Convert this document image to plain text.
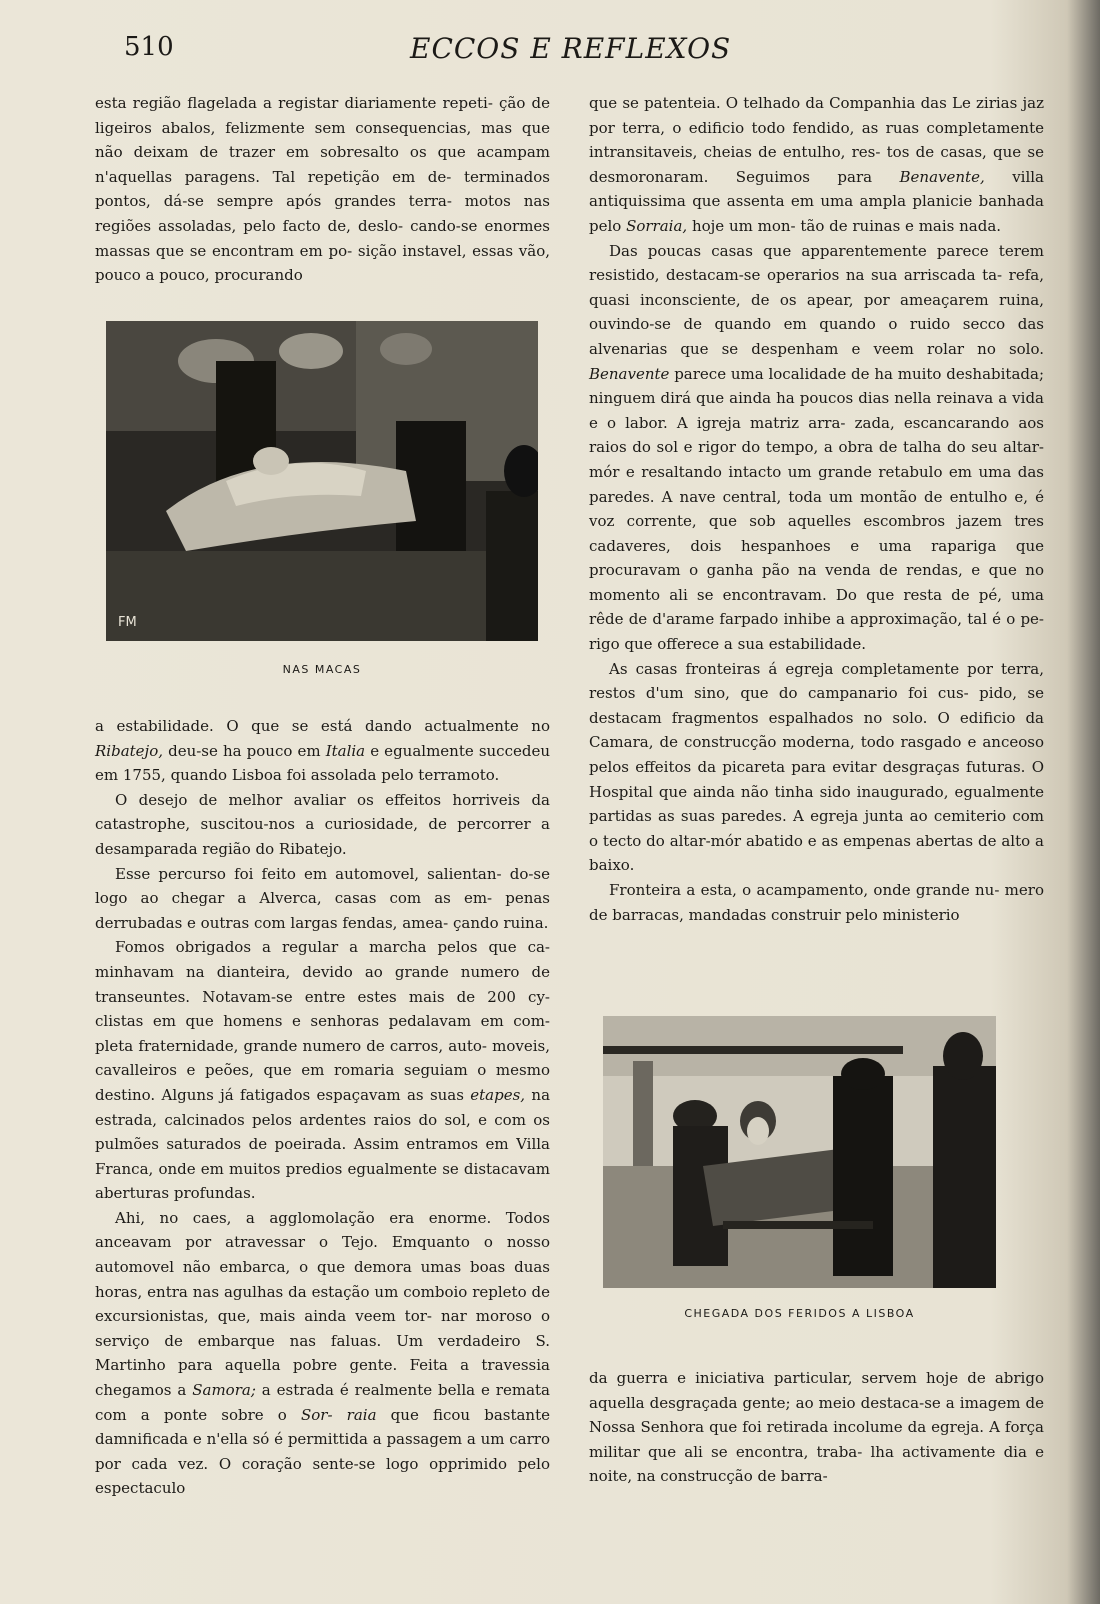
510	ECCOS E REFLEXOS

esta região flagelada a registar diariamente repeti- ção de ligeiros abalos, felizmente sem consequencias, mas que não deixam de trazer em sobresalto os que acampam n'aquellas paragens. Tal repetição em de- terminados pontos, dá-se sempre após grandes terra- motos nas regiões assoladas, pelo facto de, deslo- cando-se enormes massas que se encontram em po- sição instavel, essas vão, pouco a pouco, procurando

FM
NAS MACAS

a estabilidade. O que se está dando actualmente no Ribatejo, deu-se ha pouco em Italia e egualmente succedeu em 1755, quando Lisboa foi assolada pelo terramoto.

O desejo de melhor avaliar os effeitos horriveis da catastrophe, suscitou-nos a curiosidade, de percorrer a desamparada região do Ribatejo.

Esse percurso foi feito em automovel, salientan- do-se logo ao chegar a Alverca, casas com as em- penas derrubadas e outras com largas fendas, amea- çando ruina.

Fomos obrigados a regular a marcha pelos que ca- minhavam na dianteira, devido ao grande numero de transeuntes. Notavam-se entre estes mais de 200 cy- clistas em que homens e senhoras pedalavam em com- pleta fraternidade, grande numero de carros, auto- moveis, cavalleiros e peões, que em romaria seguiam o mesmo destino. Alguns já fatigados espaçavam as suas etapes, na estrada, calcinados pelos ardentes raios do sol, e com os pulmões saturados de poeirada. Assim entramos em Villa Franca, onde em muitos predios egualmente se distacavam aberturas profundas.

Ahi, no caes, a agglomolação era enorme. Todos anceavam por atravessar o Tejo. Emquanto o nosso automovel não embarca, o que demora umas boas duas horas, entra nas agulhas da estação um comboio repleto de excursionistas, que, mais ainda veem tor- nar moroso o serviço de embarque nas faluas. Um verdadeiro S. Martinho para aquella pobre gente. Feita a travessia chegamos a Samora; a estrada é realmente bella e remata com a ponte sobre o Sor- raia que ficou bastante damnificada e n'ella só é permittida a passagem a um carro por cada vez. O coração sente-se logo opprimido pelo espectaculo

que se patenteia. O telhado da Companhia das Le zirias jaz por terra, o edificio todo fendido, as ruas completamente intransitaveis, cheias de entulho, res- tos de casas, que se desmoronaram. Seguimos para Benavente, villa antiquissima que assenta em uma ampla planicie banhada pelo Sorraia, hoje um mon- tão de ruinas e mais nada.

Das poucas casas que apparentemente parece terem resistido, destacam-se operarios na sua arriscada ta- refa, quasi inconsciente, de os apear, por ameaçarem ruina, ouvindo-se de quando em quando o ruido secco das alvenarias que se despenham e veem rolar no solo. Benavente parece uma localidade de ha muito deshabitada; ninguem dirá que ainda ha poucos dias nella reinava a vida e o labor. A igreja matriz arra- zada, escancarando aos raios do sol e rigor do tempo, a obra de talha do seu altar-mór e resaltando intacto um grande retabulo em uma das paredes. A nave central, toda um montão de entulho e, é voz corrente, que sob aquelles escombros jazem tres cadaveres, dois hespanhoes e uma rapariga que procuravam o ganha pão na venda de rendas, e que no momento ali se encontravam. Do que resta de pé, uma rêde de d'arame farpado inhibe a approximação, tal é o pe- rigo que offerece a sua estabilidade.

As casas fronteiras á egreja completamente por terra, restos d'um sino, que do campanario foi cus- pido, se destacam fragmentos espalhados no solo. O edificio da Camara, de construcção moderna, todo rasgado e anceoso pelos effeitos da picareta para evitar desgraças futuras. O Hospital que ainda não tinha sido inaugurado, egualmente partidas as suas paredes. A egreja junta ao cemiterio com o tecto do altar-mór abatido e as empenas abertas de alto a baixo.

Fronteira a esta, o acampamento, onde grande nu- mero de barracas, mandadas construir pelo ministerio

CHEGADA DOS FERIDOS A LISBOA

da guerra e iniciativa particular, servem hoje de abrigo aquella desgraçada gente; ao meio destaca-se a imagem de Nossa Senhora que foi retirada incolume da egreja. A força militar que ali se encontra, traba- lha activamente dia e noite, na construcção de barra-
